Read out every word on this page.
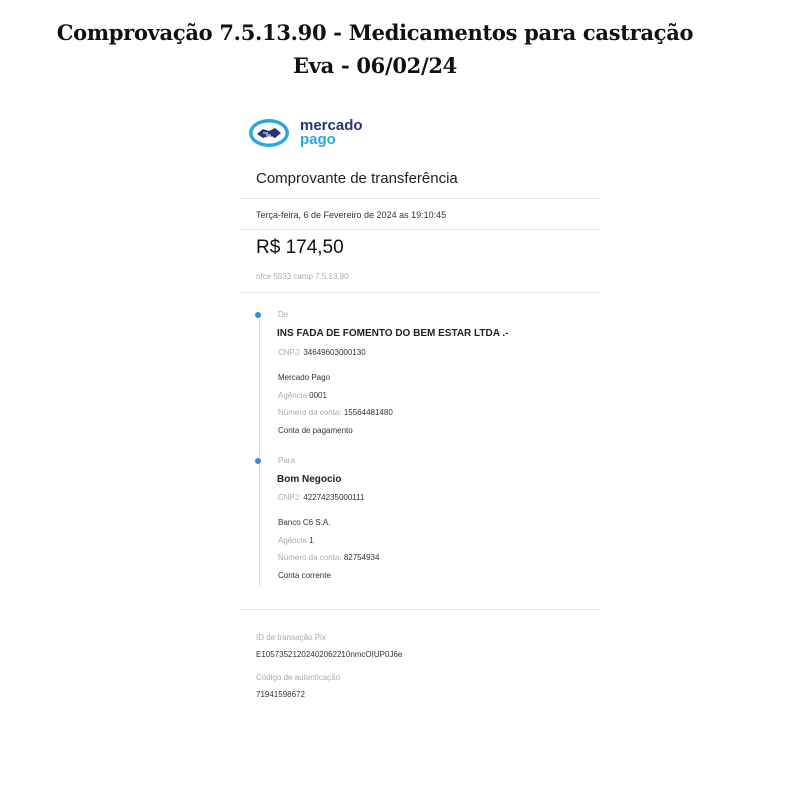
Comprovação 7.5.13.90 - Medicamentos para castração Eva - 06/02/24
mercado
pago
Comprovante de transferência
Terça-feira, 6 de Fevereiro de 2024 as 19:10:45
R$ 174,50
nfce 5533 camp 7.5.13.90
De
INS FADA DE FOMENTO DO BEM ESTAR LTDA .-
CNPJ: 34649603000130
Mercado Pago
Agência 0001
Número da conta: 15564481480
Conta de pagamento
Para
Bom Negocio
CNPJ: 42274235000111
Banco C6 S.A.
Agência 1
Número da conta: 82754934
Conta corrente
ID de transação Pix
E10573521202402062210nmcOIUP0J6e
Código de autenticação
71941598672
